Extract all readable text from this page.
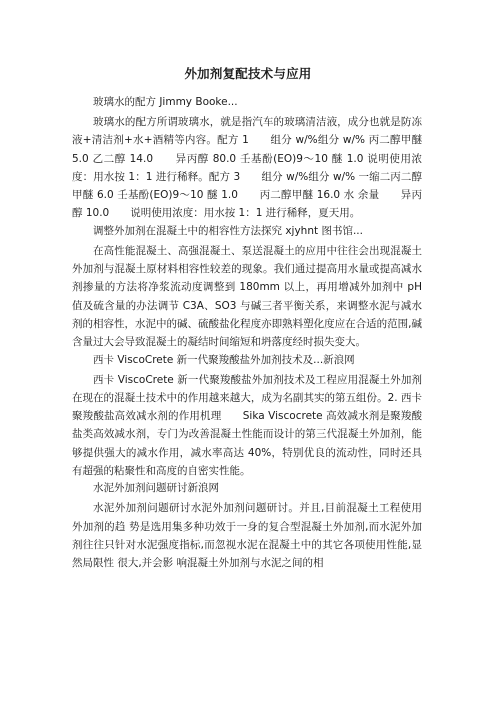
外加剂复配技术与应用

玻璃水的配方 Jimmy Booke...

玻璃水的配方所谓玻璃水，就是指汽车的玻璃清洁液，成分也就是防冻液+清洁剂+水+酒精等内容。配方 1　　组分 w/%组分 w/% 丙二醇甲醚 5.0 乙二醇 14.0　　异丙醇 80.0 壬基酚(EO)9～10 醚 1.0 说明使用浓度：用水按 1：1 进行稀释。配方 3　　组分 w/%组分 w/% 一缩二丙二醇甲醚 6.0 壬基酚(EO)9～10 醚 1.0　　丙二醇甲醚 16.0 水 余量　　异丙醇 10.0　　说明使用浓度：用水按 1：1 进行稀释，夏天用。

调整外加剂在混凝土中的相容性方法探究 xjyhnt 图书馆...

在高性能混凝土、高强混凝土、泵送混凝土的应用中往往会出现混凝土外加剂与混凝土原材料相容性较差的现象。我们通过提高用水量或提高减水剂掺量的方法将净浆流动度调整到 180mm 以上，再用增减外加剂中 pH 值及硫含量的办法调节 C3A、SO3 与碱三者平衡关系，来调整水泥与减水剂的相容性，水泥中的碱、硫酸盐化程度亦即熟料塑化度应在合适的范围,碱含量过大会导致混凝土的凝结时间缩短和坍落度经时损失变大。

西卡 ViscoCrete 新一代聚羧酸盐外加剂技术及...新浪网

西卡 ViscoCrete 新一代聚羧酸盐外加剂技术及工程应用混凝土外加剂在现在的混凝土技术中的作用越来越大，成为名副其实的第五组份。2. 西卡聚羧酸盐高效减水剂的作用机理　　Sika Viscocrete 高效减水剂是聚羧酸盐类高效减水剂，专门为改善混凝土性能而设计的第三代混凝土外加剂，能够提供强大的减水作用，减水率高达 40%，特别优良的流动性，同时还具有超强的粘聚性和高度的自密实性能。

水泥外加剂问题研讨新浪网

水泥外加剂问题研讨水泥外加剂问题研讨。并且,目前混凝土工程使用 外加剂的趋 势是选用集多种功效于一身的复合型混凝土外加剂,而水泥外加剂往往只针对水泥强度指标,而忽视水泥在混凝土中的其它各项使用性能,显然局限性 很大,并会影 响混凝土外加剂与水泥之间的相
